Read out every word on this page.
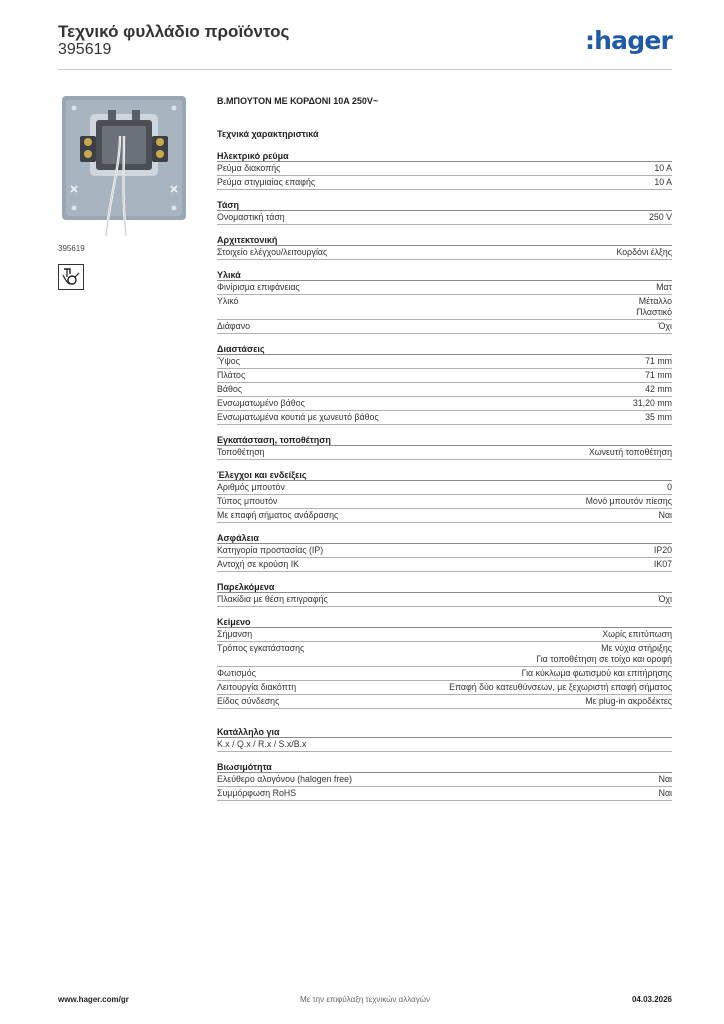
Τεχνικό φυλλάδιο προϊόντος
395619	:hager
395619
Β.ΜΠΟΥΤΟΝ ΜΕ ΚΟΡΔΟΝΙ 10A 250V~
Τεχνικά χαρακτηριστικά
Ηλεκτρικό ρεύμα
Ρεύμα διακοπής	10 A
Ρεύμα στιγμιαίας επαφής	10 A
Τάση
Ονομαστική τάση	250 V
Αρχιτεκτονική
Στοιχείο ελέγχου/λειτουργίας	Κορδόνι έλξης
Υλικά
Φινίρισμα επιφάνειας	Ματ
Υλικό	Μέταλλο
Πλαστικό
Διάφανο	Όχι
Διαστάσεις
Ύψος	71 mm
Πλάτος	71 mm
Βάθος	42 mm
Ενσωματωμένο βάθος	31,20 mm
Ενσωματωμένα κουτιά με χωνευτό βάθος	35 mm
Εγκατάσταση, τοποθέτηση
Τοποθέτηση	Χωνευτή τοποθέτηση
Έλεγχοι και ενδείξεις
Αριθμός μπουτόν	0
Τύπος μπουτόν	Μονό μπουτόν πίεσης
Με επαφή σήματος ανάδρασης	Ναι
Ασφάλεια
Κατηγορία προστασίας (IP)	IP20
Αντοχή σε κρούση IK	IK07
Παρελκόμενα
Πλακίδια με θέση επιγραφής	Όχι
Κείμενο
Σήμανση	Χωρίς επιτύπωση
Τρόπος εγκατάστασης	Με νύχια στήριξης
Για τοποθέτηση σε τοίχο και οροφή
Φωτισμός	Για κύκλωμα φωτισμού και επιτήρησης
Λειτουργία διακόπτη	Επαφή δύο κατευθύνσεων, με ξεχωριστή επαφή σήματος
Είδος σύνδεσης	Με plug-in ακροδέκτες
Κατάλληλο για
K.x / Q.x / R.x / S.x/B.x
Βιωσιμότητα
Ελεύθερο αλογόνου (halogen free)	Ναι
Συμμόρφωση RoHS	Ναι
www.hager.com/gr	Με την επιφύλαξη τεχνικών αλλαγών	04.03.2026
